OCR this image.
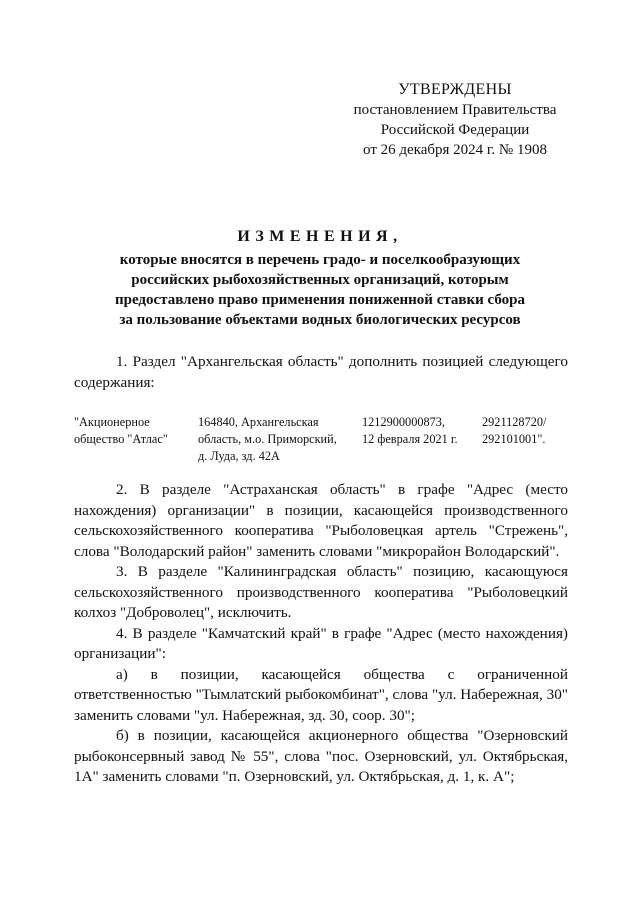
УТВЕРЖДЕНЫ
постановлением Правительства
Российской Федерации
от 26 декабря 2024 г. № 1908
ИЗМЕНЕНИЯ,
которые вносятся в перечень градо- и поселкообразующих
российских рыбохозяйственных организаций, которым
предоставлено право применения пониженной ставки сбора
за пользование объектами водных биологических ресурсов

1. Раздел "Архангельская область" дополнить позицией следующего содержания:

"Акционерное
общество "Атлас"
164840, Архангельская
область, м.о. Приморский,
д. Луда, зд. 42А
1212900000873,
12 февраля 2021 г.
2921128720/
292101001".

2. В разделе "Астраханская область" в графе "Адрес (место нахождения) организации" в позиции, касающейся производственного сельскохозяйственного кооператива "Рыболовецкая артель "Стрежень", слова "Володарский район" заменить словами "микрорайон Володарский".

3. В разделе "Калининградская область" позицию, касающуюся сельскохозяйственного производственного кооператива "Рыболовецкий колхоз "Доброволец", исключить.

4. В разделе "Камчатский край" в графе "Адрес (место нахождения) организации":

а) в позиции, касающейся общества с ограниченной ответственностью "Тымлатский рыбокомбинат", слова "ул. Набережная, 30" заменить словами "ул. Набережная, зд. 30, соор. 30";

б) в позиции, касающейся акционерного общества "Озерновский рыбоконсервный завод № 55", слова "пос. Озерновский, ул. Октябрьская, 1А" заменить словами "п. Озерновский, ул. Октябрьская, д. 1, к. А";
